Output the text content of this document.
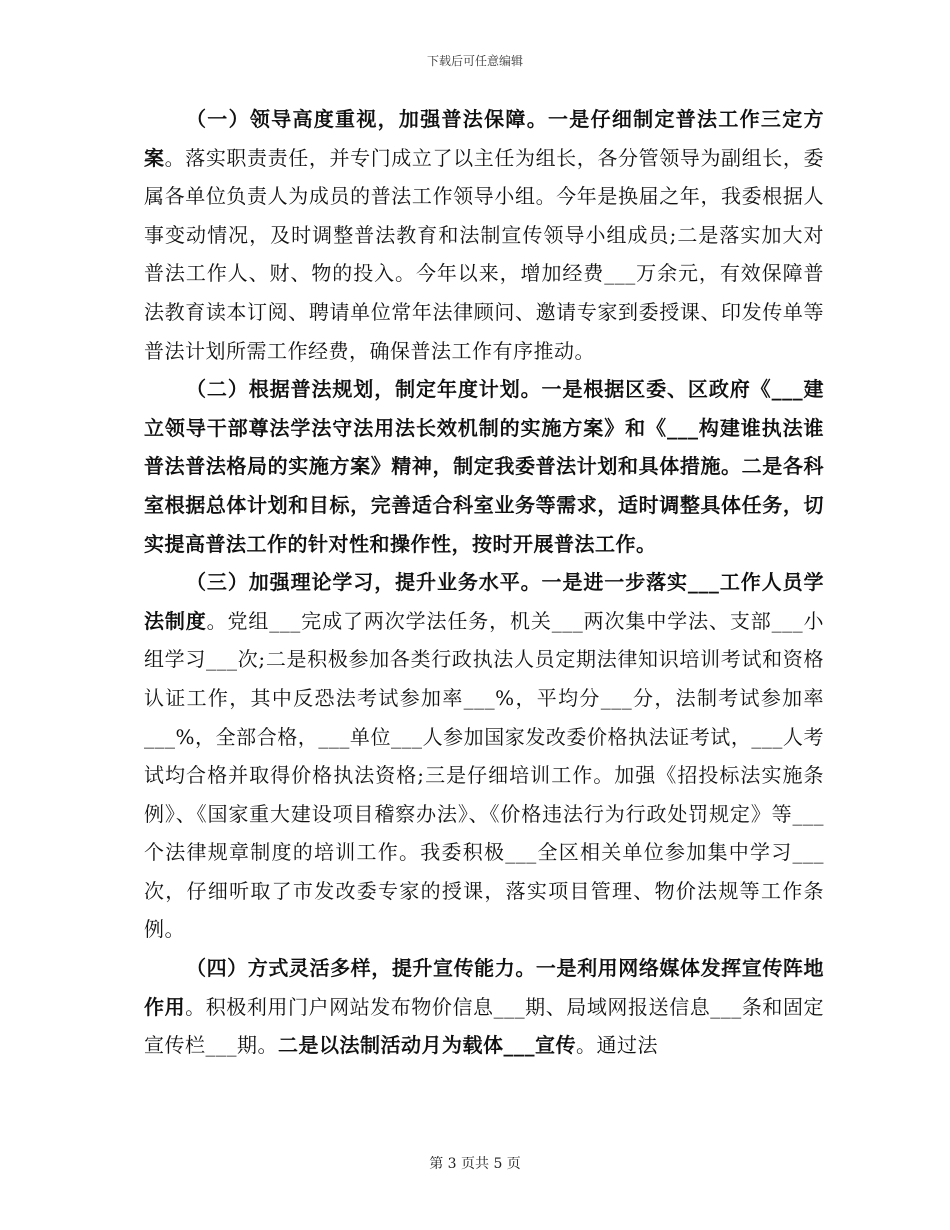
下载后可任意编辑

（一）领导高度重视，加强普法保障。一是仔细制定普法工作三定方案。落实职责责任，并专门成立了以主任为组长，各分管领导为副组长，委属各单位负责人为成员的普法工作领导小组。今年是换届之年，我委根据人事变动情况，及时调整普法教育和法制宣传领导小组成员;二是落实加大对普法工作人、财、物的投入。今年以来，增加经费___万余元，有效保障普法教育读本订阅、聘请单位常年法律顾问、邀请专家到委授课、印发传单等普法计划所需工作经费，确保普法工作有序推动。

（二）根据普法规划，制定年度计划。一是根据区委、区政府《___建立领导干部尊法学法守法用法长效机制的实施方案》和《___构建谁执法谁普法普法格局的实施方案》精神，制定我委普法计划和具体措施。二是各科室根据总体计划和目标，完善适合科室业务等需求，适时调整具体任务，切实提高普法工作的针对性和操作性，按时开展普法工作。

（三）加强理论学习，提升业务水平。一是进一步落实___工作人员学法制度。党组___完成了两次学法任务，机关___两次集中学法、支部___小组学习___次;二是积极参加各类行政执法人员定期法律知识培训考试和资格认证工作，其中反恐法考试参加率___%，平均分___分，法制考试参加率___%，全部合格，___单位___人参加国家发改委价格执法证考试，___人考试均合格并取得价格执法资格;三是仔细培训工作。加强《招投标法实施条例》、《国家重大建设项目稽察办法》、《价格违法行为行政处罚规定》等___个法律规章制度的培训工作。我委积极___全区相关单位参加集中学习___次，仔细听取了市发改委专家的授课，落实项目管理、物价法规等工作条例。

（四）方式灵活多样，提升宣传能力。一是利用网络媒体发挥宣传阵地作用。积极利用门户网站发布物价信息___期、局域网报送信息___条和固定宣传栏___期。二是以法制活动月为载体___宣传。通过法

第 3 页共 5 页
